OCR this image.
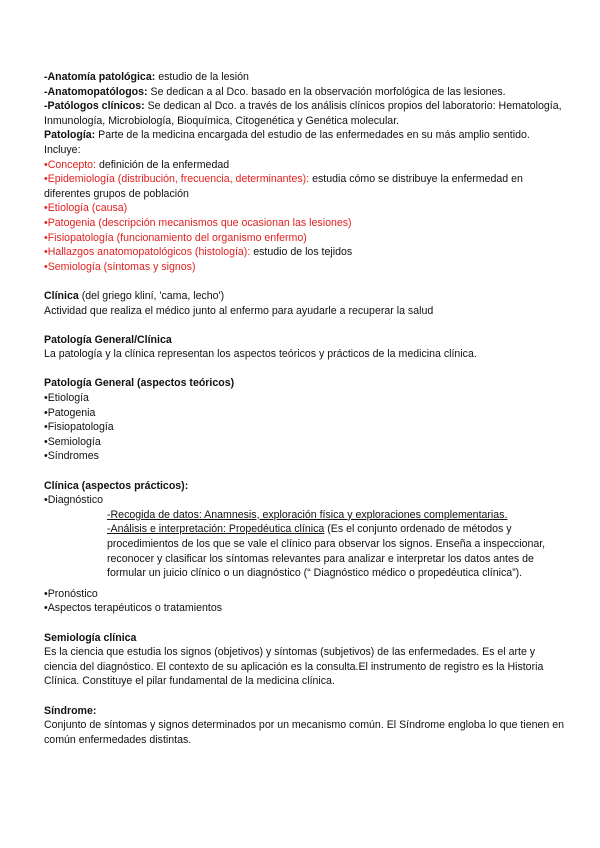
-Anatomía patológica: estudio de la lesión

-Anatomopatólogos: Se dedican a al Dco. basado en la observación morfológica de las lesiones.

-Patólogos clínicos: Se dedican al Dco. a través de los análisis clínicos propios del laboratorio: Hematología, Inmunología, Microbiología, Bioquímica, Citogenética y Genética molecular.

Patología: Parte de la medicina encargada del estudio de las enfermedades en su más amplio sentido. Incluye:

•Concepto: definición de la enfermedad

•Epidemiología (distribución, frecuencia, determinantes): estudia cómo se distribuye la enfermedad en diferentes grupos de población

•Etiología (causa)

•Patogenia (descripción mecanismos que ocasionan las lesiones)

•Fisiopatología (funcionamiento del organismo enfermo)

•Hallazgos anatomopatológicos (histología): estudio de los tejidos

•Semiología (síntomas y signos)

Clínica (del griego kliní, 'cama, lecho')

Actividad que realiza el médico junto al enfermo para ayudarle a recuperar la salud

Patología General/Clínica

La patología y la clínica representan los aspectos teóricos y prácticos de la medicina clínica.

Patología General (aspectos teóricos)

•Etiología

•Patogenia

•Fisiopatología

•Semiología

•Síndromes

Clínica (aspectos prácticos):

•Diagnóstico

-Recogida de datos: Anamnesis, exploración física y exploraciones complementarias.

-Análisis e interpretación: Propedéutica clínica (Es el conjunto ordenado de métodos y procedimientos de los que se vale el clínico para observar los signos. Enseña a inspeccionar, reconocer y clasificar los síntomas relevantes para analizar e interpretar los datos antes de formular un juicio clínico o un diagnóstico (“ Diagnóstico médico o propedéutica clínica”).

•Pronóstico

•Aspectos terapéuticos o tratamientos

Semiología clínica

Es la ciencia que estudia los signos (objetivos) y síntomas (subjetivos) de las enfermedades. Es el arte y ciencia del diagnóstico. El contexto de su aplicación es la consulta.El instrumento de registro es la Historia Clínica. Constituye el pilar fundamental de la medicina clínica.

Síndrome:

Conjunto de síntomas y signos determinados por un mecanismo común. El Síndrome engloba lo que tienen en común enfermedades distintas.
